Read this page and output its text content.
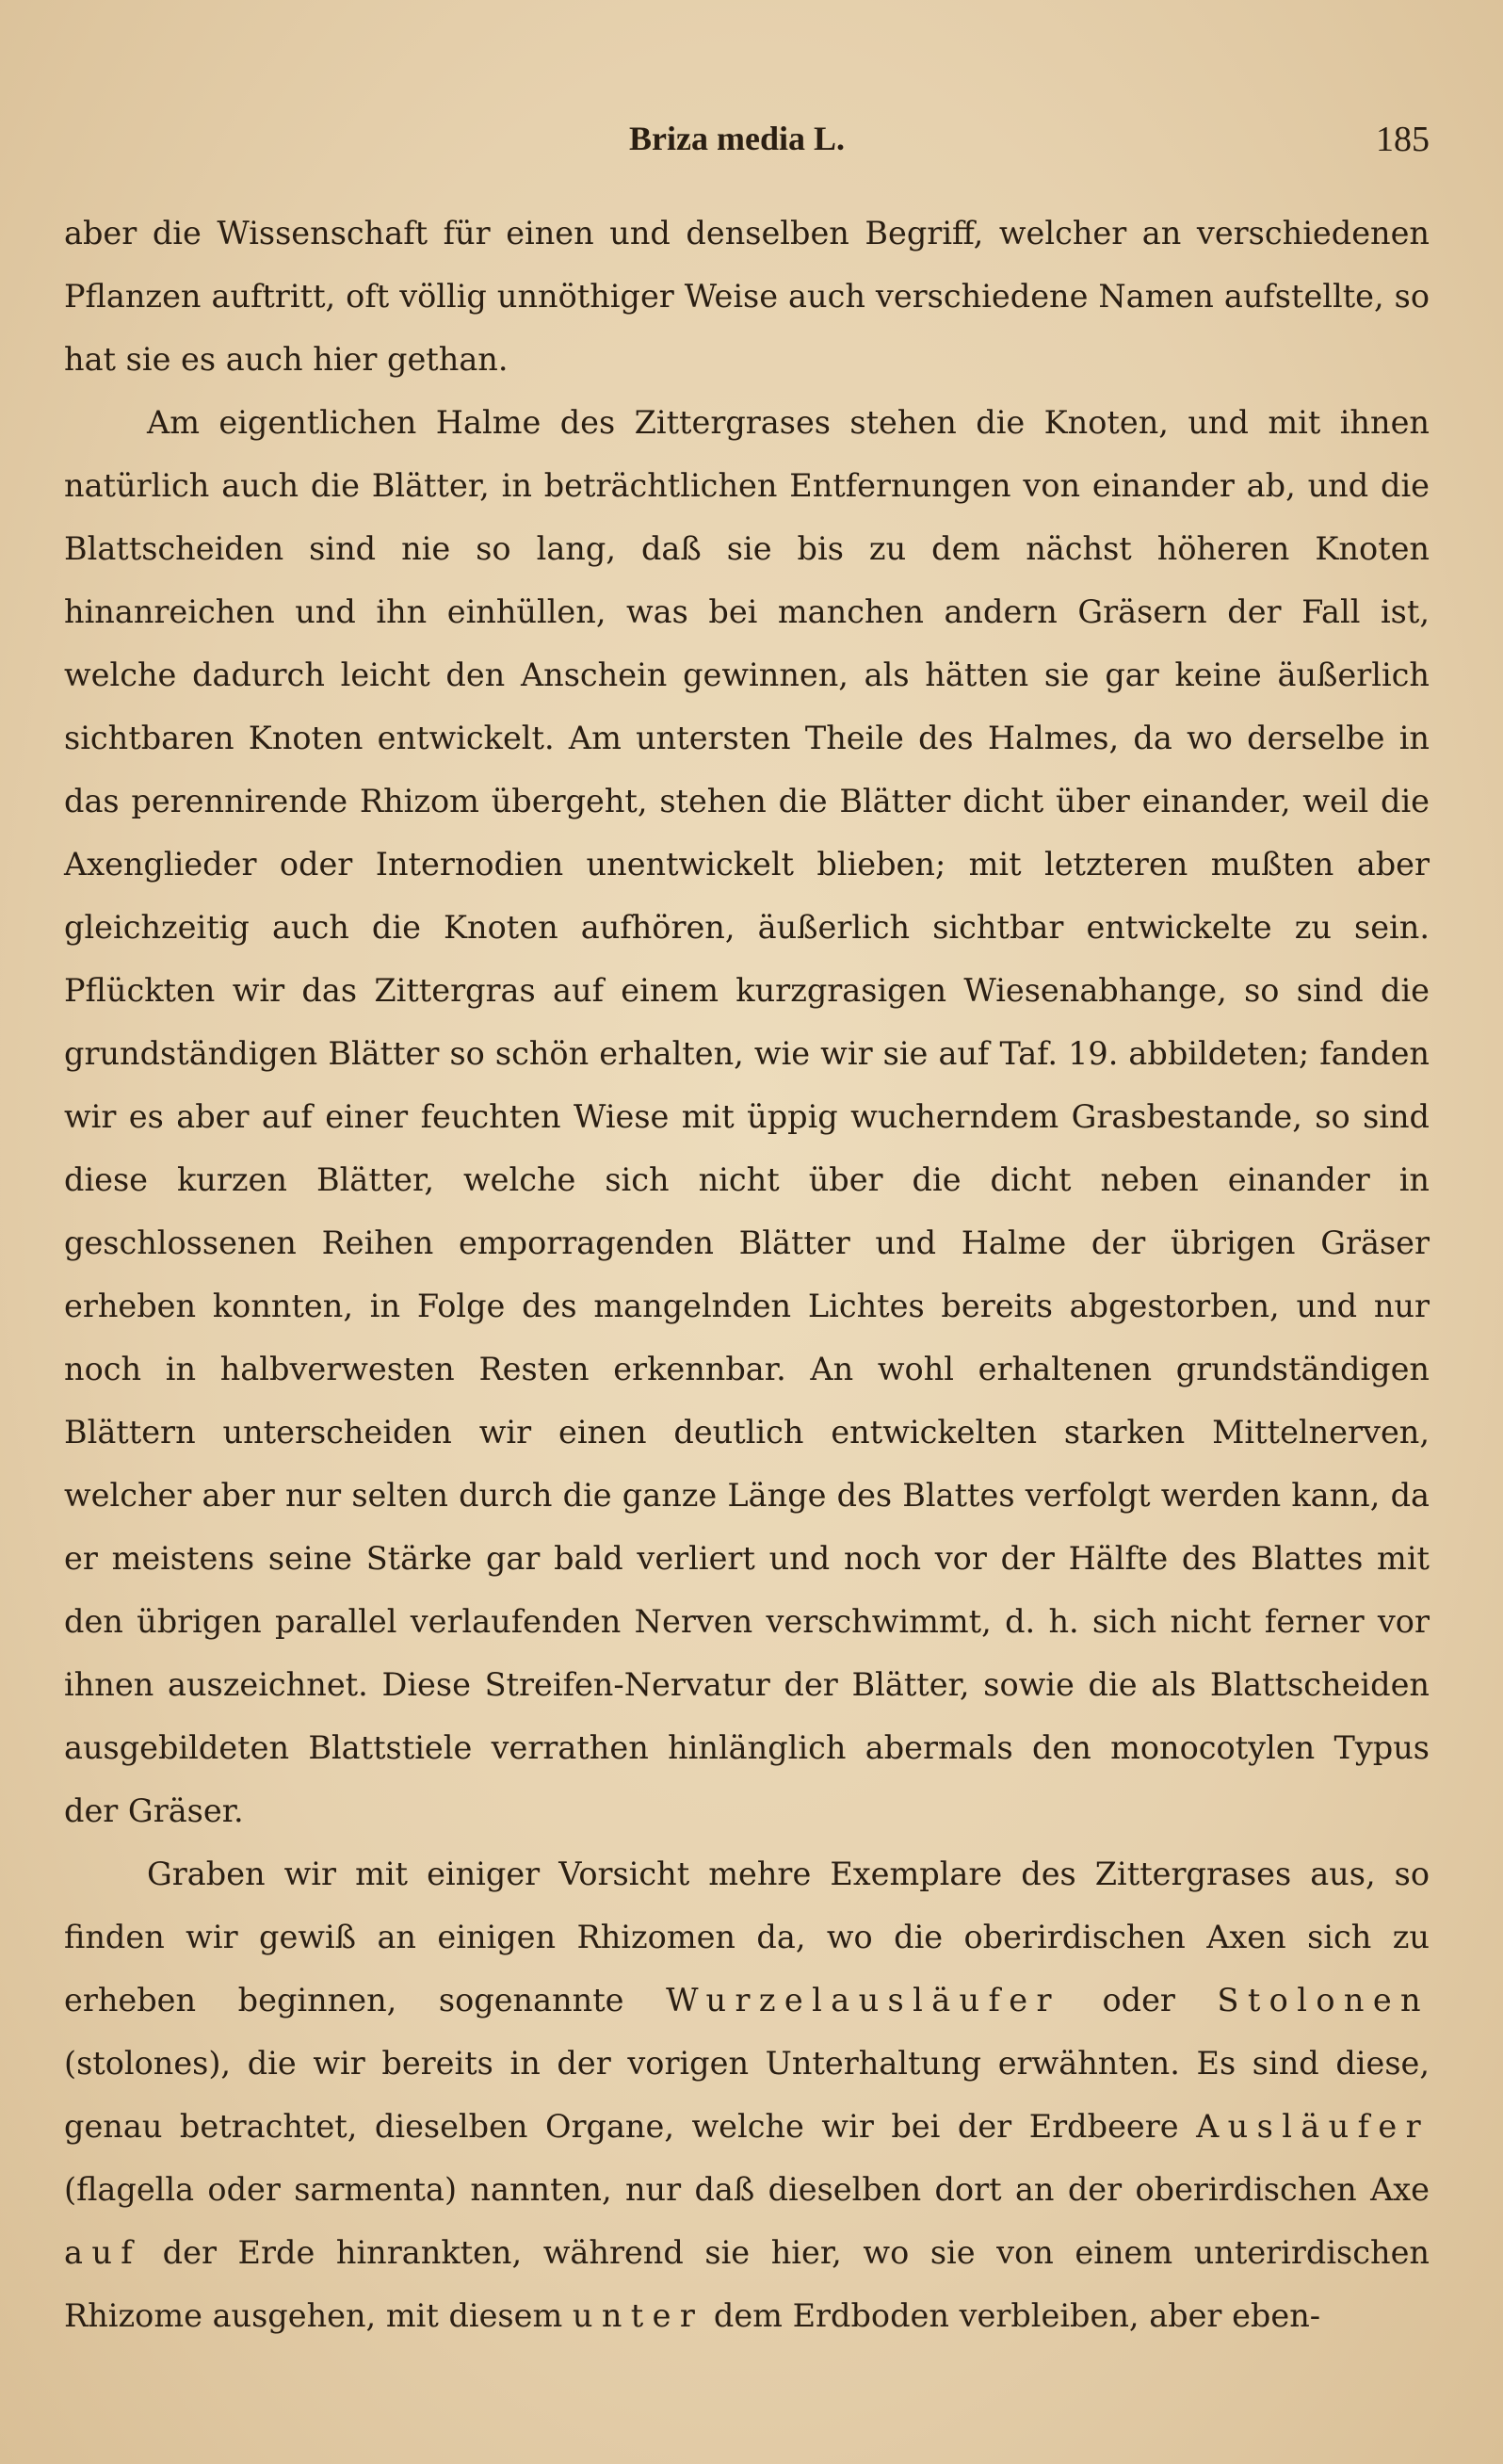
Briza media L.	185

aber die Wissenschaft für einen und denselben Begriff, welcher an verschiedenen Pflanzen auftritt, oft völlig unnöthiger Weise auch verschiedene Namen aufstellte, so hat sie es auch hier gethan.

Am eigentlichen Halme des Zittergrases stehen die Knoten, und mit ihnen natürlich auch die Blätter, in beträchtlichen Entfernungen von einander ab, und die Blattscheiden sind nie so lang, daß sie bis zu dem nächst höheren Knoten hinanreichen und ihn einhüllen, was bei manchen andern Gräsern der Fall ist, welche dadurch leicht den Anschein gewinnen, als hätten sie gar keine äußerlich sichtbaren Knoten entwickelt. Am untersten Theile des Halmes, da wo derselbe in das perennirende Rhizom übergeht, stehen die Blätter dicht über einander, weil die Axenglieder oder Internodien unentwickelt blieben; mit letzteren mußten aber gleichzeitig auch die Knoten aufhören, äußerlich sichtbar entwickelte zu sein. Pflückten wir das Zittergras auf einem kurzgrasigen Wiesenabhange, so sind die grundständigen Blätter so schön erhalten, wie wir sie auf Taf. 19. abbildeten; fanden wir es aber auf einer feuchten Wiese mit üppig wucherndem Grasbestande, so sind diese kurzen Blätter, welche sich nicht über die dicht neben einander in geschlossenen Reihen emporragenden Blätter und Halme der übrigen Gräser erheben konnten, in Folge des mangelnden Lichtes bereits abgestorben, und nur noch in halbverwesten Resten erkennbar. An wohl erhaltenen grundständigen Blättern unterscheiden wir einen deutlich entwickelten starken Mittelnerven, welcher aber nur selten durch die ganze Länge des Blattes verfolgt werden kann, da er meistens seine Stärke gar bald verliert und noch vor der Hälfte des Blattes mit den übrigen parallel verlaufenden Nerven verschwimmt, d. h. sich nicht ferner vor ihnen auszeichnet. Diese Streifen-Nervatur der Blätter, sowie die als Blattscheiden ausgebildeten Blattstiele verrathen hinlänglich abermals den monocotylen Typus der Gräser.

Graben wir mit einiger Vorsicht mehre Exemplare des Zittergrases aus, so finden wir gewiß an einigen Rhizomen da, wo die oberirdischen Axen sich zu erheben beginnen, sogenannte Wurzelausläufer oder Stolonen (stolones), die wir bereits in der vorigen Unterhaltung erwähnten. Es sind diese, genau betrachtet, dieselben Organe, welche wir bei der Erdbeere Ausläufer (flagella oder sarmenta) nannten, nur daß dieselben dort an der oberirdischen Axe auf der Erde hinrankten, während sie hier, wo sie von einem unterirdischen Rhizome ausgehen, mit diesem unter dem Erdboden verbleiben, aber eben-
